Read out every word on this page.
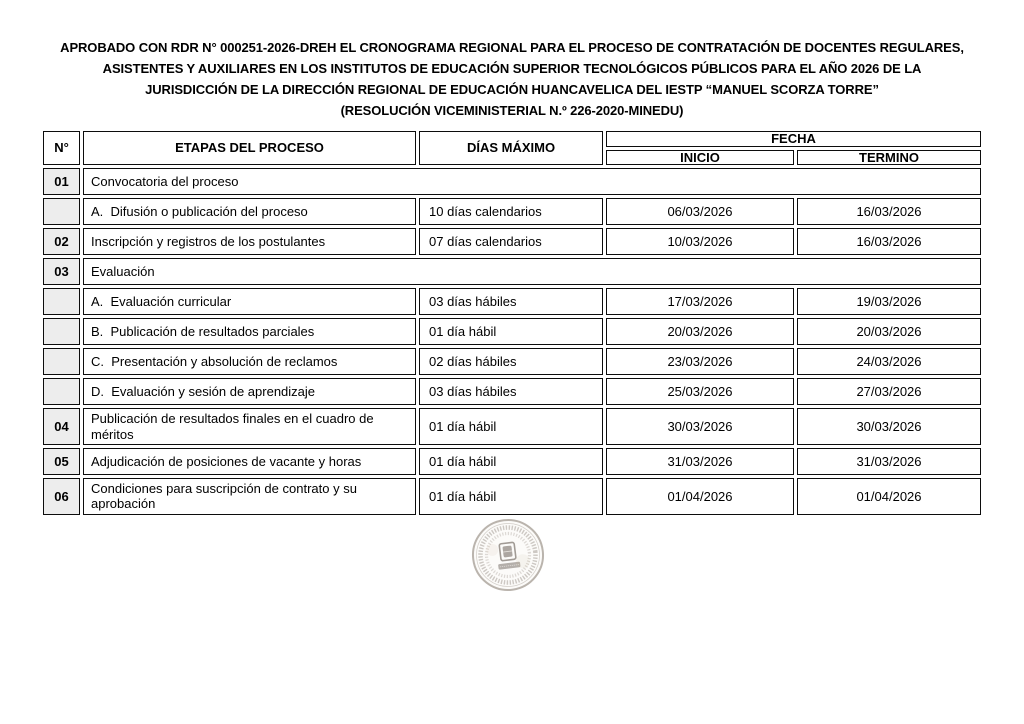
APROBADO CON RDR N° 000251-2026-DREH EL CRONOGRAMA REGIONAL PARA EL PROCESO DE CONTRATACIÓN DE DOCENTES REGULARES,
ASISTENTES Y AUXILIARES EN LOS INSTITUTOS DE EDUCACIÓN SUPERIOR TECNOLÓGICOS PÚBLICOS PARA EL AÑO 2026 DE LA
JURISDICCIÓN DE LA DIRECCIÓN REGIONAL DE EDUCACIÓN HUANCAVELICA DEL IESTP “MANUEL SCORZA TORRE”
(RESOLUCIÓN VICEMINISTERIAL N.º 226-2020-MINEDU)
N°	ETAPAS DEL PROCESO	DÍAS MÁXIMO	FECHA	
			INICIO	TERMINO
01	Convocatoria del proceso			
	A.  Difusión o publicación del proceso	10 días calendarios	06/03/2026	16/03/2026
02	Inscripción y registros de los postulantes	07 días calendarios	10/03/2026	16/03/2026
03	Evaluación			
	A.  Evaluación curricular	03 días hábiles	17/03/2026	19/03/2026
	B.  Publicación de resultados parciales	01 día hábil	20/03/2026	20/03/2026
	C.  Presentación y absolución de reclamos	02 días hábiles	23/03/2026	24/03/2026
	D.  Evaluación y sesión de aprendizaje	03 días hábiles	25/03/2026	27/03/2026
04	Publicación de resultados finales en el cuadro de méritos	01 día hábil	30/03/2026	30/03/2026
05	Adjudicación de posiciones de vacante y horas	01 día hábil	31/03/2026	31/03/2026
06	Condiciones para suscripción de contrato y su aprobación	01 día hábil	01/04/2026	01/04/2026
